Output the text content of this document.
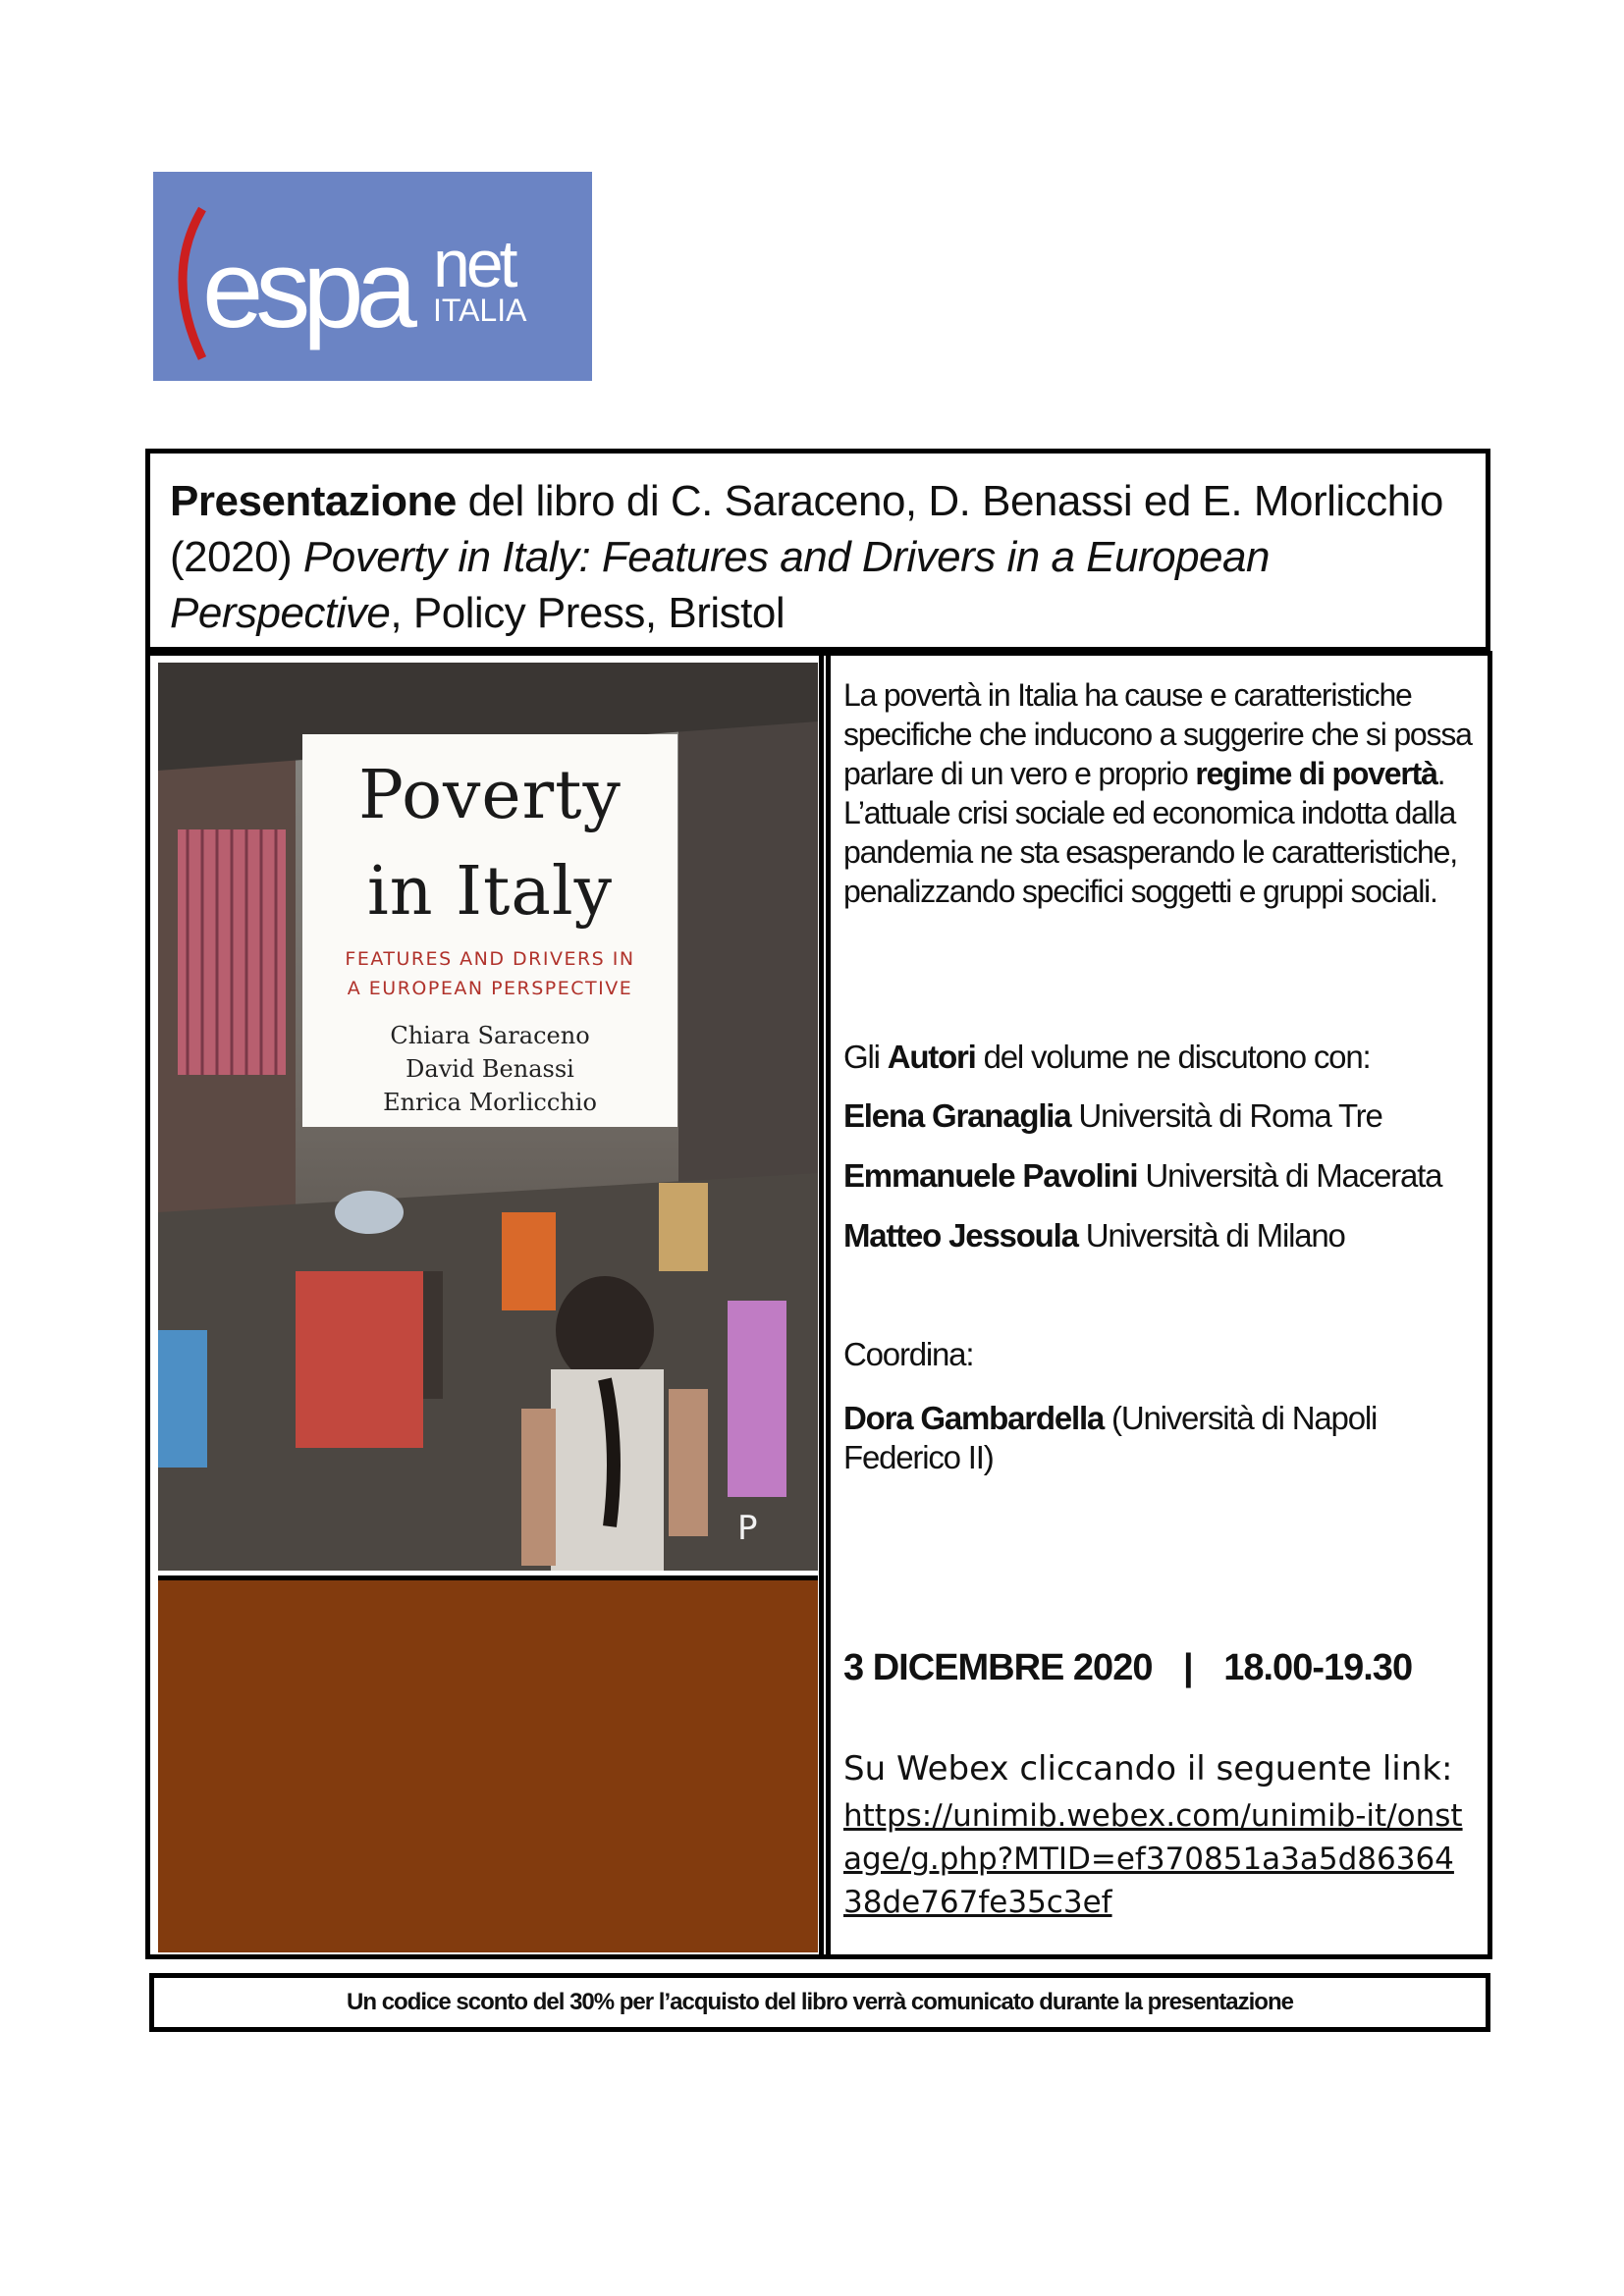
espa net
ITALIA
Presentazione del libro di C. Saraceno, D. Benassi ed E. Morlicchio (2020) Poverty in Italy: Features and Drivers in a European Perspective, Policy Press, Bristol
Poverty
in Italy
FEATURES AND DRIVERS IN
A EUROPEAN PERSPECTIVE
Chiara Saraceno
David Benassi
Enrica Morlicchio
P
La povertà in Italia ha cause e caratteristiche specifiche che inducono a suggerire che si possa parlare di un vero e proprio regime di povertà. L’attuale crisi sociale ed economica indotta dalla pandemia ne sta esasperando le caratteristiche, penalizzando specifici soggetti e gruppi sociali.
Gli Autori del volume ne discutono con:
Elena Granaglia Università di Roma Tre
Emmanuele Pavolini Università di Macerata
Matteo Jessoula Università di Milano
Coordina:
Dora Gambardella (Università di Napoli
Federico II)
3 DICEMBRE 2020 | 18.00-19.30
Su Webex cliccando il seguente link:
https://unimib.webex.com/unimib-it/onstage/g.php?MTID=ef370851a3a5d8636438de767fe35c3ef
Un codice sconto del 30% per l’acquisto del libro verrà comunicato durante la presentazione
